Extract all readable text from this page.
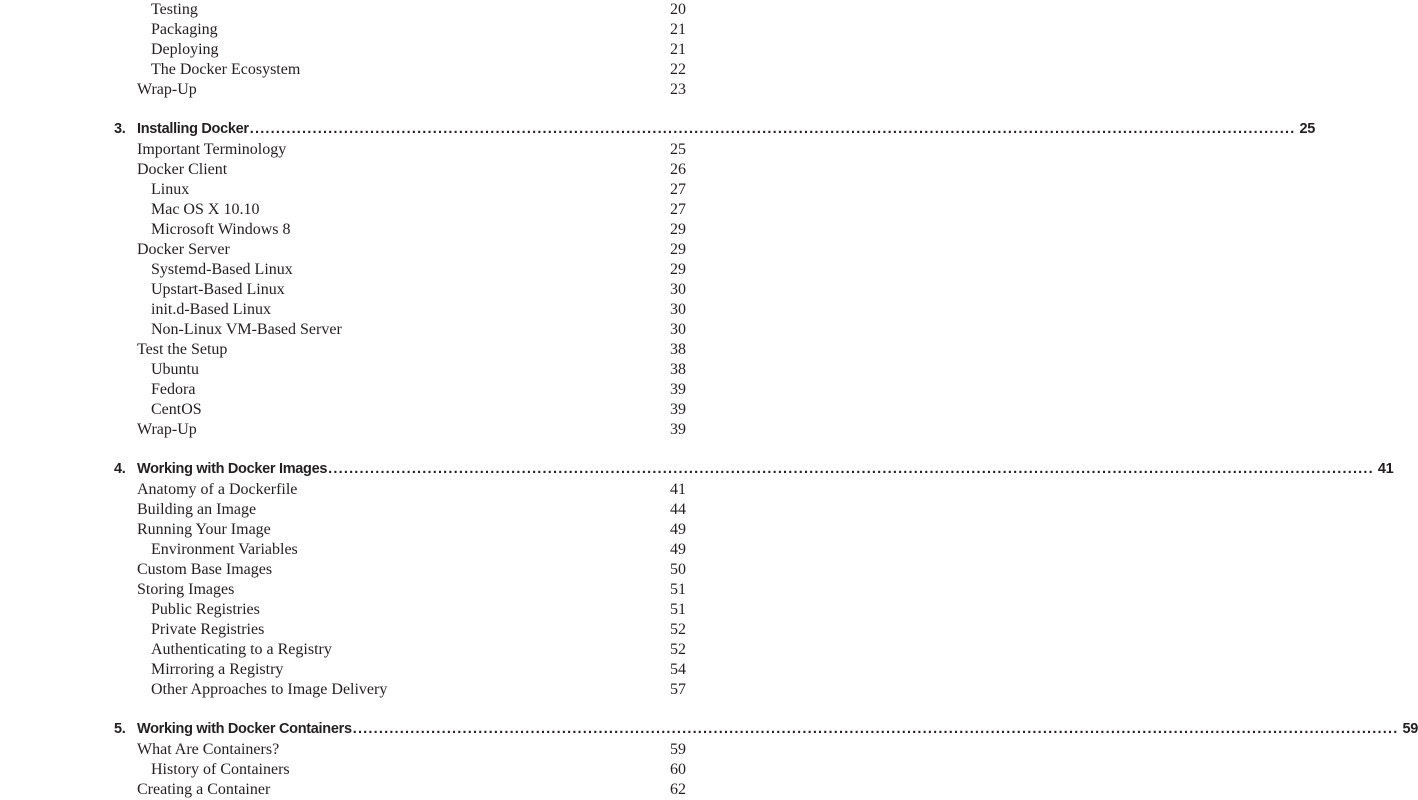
Testing	20
Packaging	21
Deploying	21
The Docker Ecosystem	22
Wrap-Up	23
3. Installing Docker ........................................................................................................................................................................................................ 25
Important Terminology	25
Docker Client	26
Linux	27
Mac OS X 10.10	27
Microsoft Windows 8	29
Docker Server	29
Systemd-Based Linux	29
Upstart-Based Linux	30
init.d-Based Linux	30
Non-Linux VM-Based Server	30
Test the Setup	38
Ubuntu	38
Fedora	39
CentOS	39
Wrap-Up	39
4. Working with Docker Images ........................................................................................................................................................................................................ 41
Anatomy of a Dockerfile	41
Building an Image	44
Running Your Image	49
Environment Variables	49
Custom Base Images	50
Storing Images	51
Public Registries	51
Private Registries	52
Authenticating to a Registry	52
Mirroring a Registry	54
Other Approaches to Image Delivery	57
5. Working with Docker Containers ........................................................................................................................................................................................................ 59
What Are Containers?	59
History of Containers	60
Creating a Container	62
